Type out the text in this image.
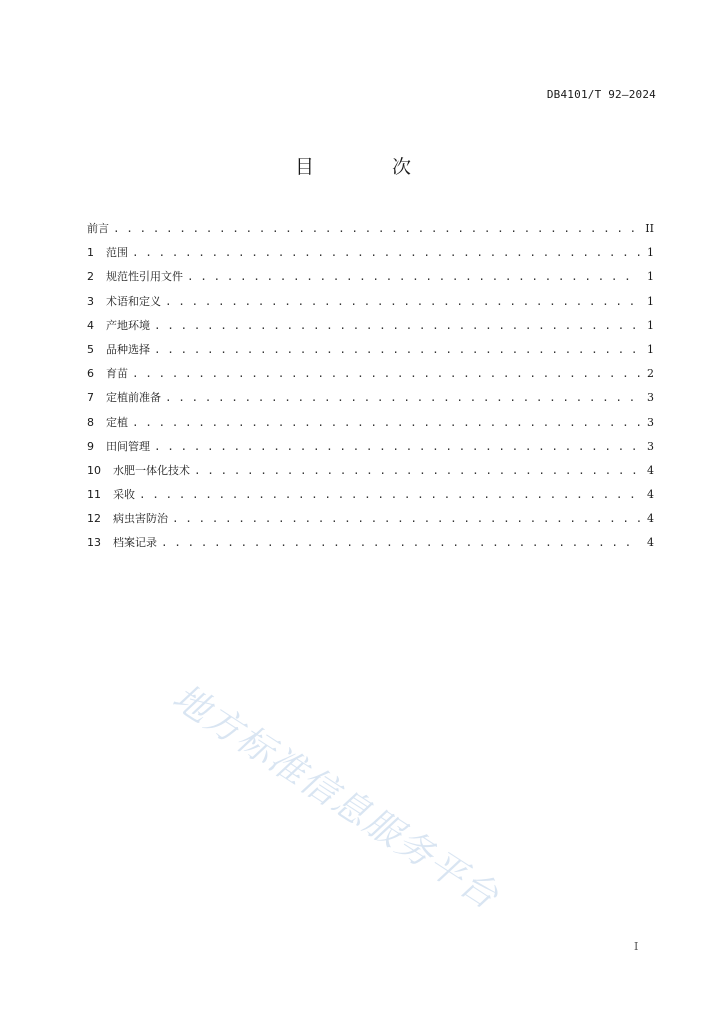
DB4101/T 92—2024
目 次
前言 . . .	II
1	范围 . . .	1
2	规范性引用文件 . . .	1
3	术语和定义 . . .	1
4	产地环境 . . .	1
5	品种选择 . . .	1
6	育苗 . . .	2
7	定植前准备 . . .	3
8	定植 . . .	3
9	田间管理 . . .	3
10	水肥一体化技术 . . .	4
11	采收 . . .	4
12	病虫害防治 . . .	4
13	档案记录 . . .	4
地方标准信息服务平台
I
